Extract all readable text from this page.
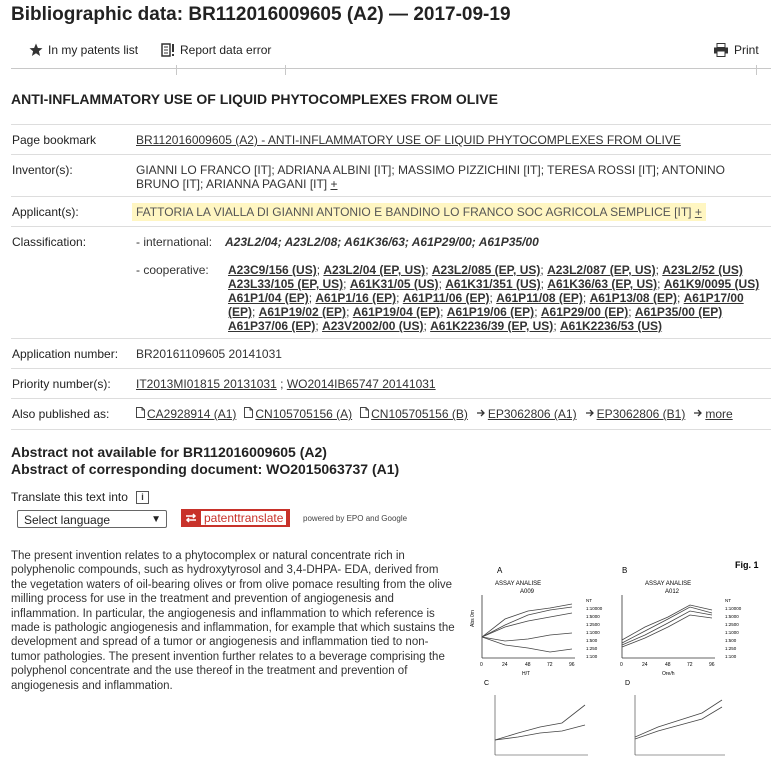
Bibliographic data: BR112016009605 (A2) — 2017-09-19
In my patents list	Report data error	Print
ANTI-INFLAMMATORY USE OF LIQUID PHYTOCOMPLEXES FROM OLIVE
Page bookmark	BR112016009605 (A2) - ANTI-INFLAMMATORY USE OF LIQUID PHYTOCOMPLEXES FROM OLIVE
Inventor(s):	GIANNI LO FRANCO [IT]; ADRIANA ALBINI [IT]; MASSIMO PIZZICHINI [IT]; TERESA ROSSI [IT]; ANTONINO
BRUNO [IT]; ARIANNA PAGANI [IT] +
Applicant(s):	FATTORIA LA VIALLA DI GIANNI ANTONIO E BANDINO LO FRANCO SOC AGRICOLA SEMPLICE [IT] +
Classification:	- international: A23L2/04; A23L2/08; A61K36/63; A61P29/00; A61P35/00
- cooperative:	A23C9/156 (US); A23L2/04 (EP, US); A23L2/085 (EP, US); A23L2/087 (EP, US); A23L2/52 (US)
A23L33/105 (EP, US); A61K31/05 (US); A61K31/351 (US); A61K36/63 (EP, US); A61K9/0095 (US)
A61P1/04 (EP); A61P1/16 (EP); A61P11/06 (EP); A61P11/08 (EP); A61P13/08 (EP); A61P17/00
(EP); A61P19/02 (EP); A61P19/04 (EP); A61P19/06 (EP); A61P29/00 (EP); A61P35/00 (EP)
A61P37/06 (EP); A23V2002/00 (US); A61K2236/39 (EP, US); A61K2236/53 (US)
Application number: BR20161109605 20141031
Priority number(s): IT2013MI01815 20131031 ; WO2014IB65747 20141031
Also published as:	CA2928914 (A1) CN105705156 (A) CN105705156 (B) EP3062806 (A1) EP3062806 (B1) more
Abstract not available for BR112016009605 (A2)
Abstract of corresponding document: WO2015063737 (A1)
Translate this text into	i
Select language	▼	patenttranslate	powered by EPO and Google
The present invention relates to a phytocomplex or natural concentrate rich in polyphenolic compounds, such as hydroxytyrosol and 3,4-DHPA- EDA, derived from the vegetation waters of oil-bearing olives or from olive pomace resulting from the olive milling process for use in the treatment and prevention of angiogenesis and inflammation. In particular, the angiogenesis and inflammation to which reference is made is pathologic angiogenesis and inflammation, for example that which sustains the development and spread of a tumor or angiogenesis and inflammation tied to non-tumor pathologies. The present invention further relates to a beverage comprising the polyphenol concentrate and the use thereof in the treatment and prevention of angiogenesis and inflammation.
Fig. 1
A
ASSAY ANALISE
A009
Abs 0m
0	24	48	72	96
H/T
NT
1:10000
1:5000
1:2500
1:1000
1:500
1:250
1:100
B
ASSAY ANALISE
A012
0	24	48	72	96
Ore/h
NT
1:10000
1:5000
1:2500
1:1000
1:500
1:250
1:100
C	D
